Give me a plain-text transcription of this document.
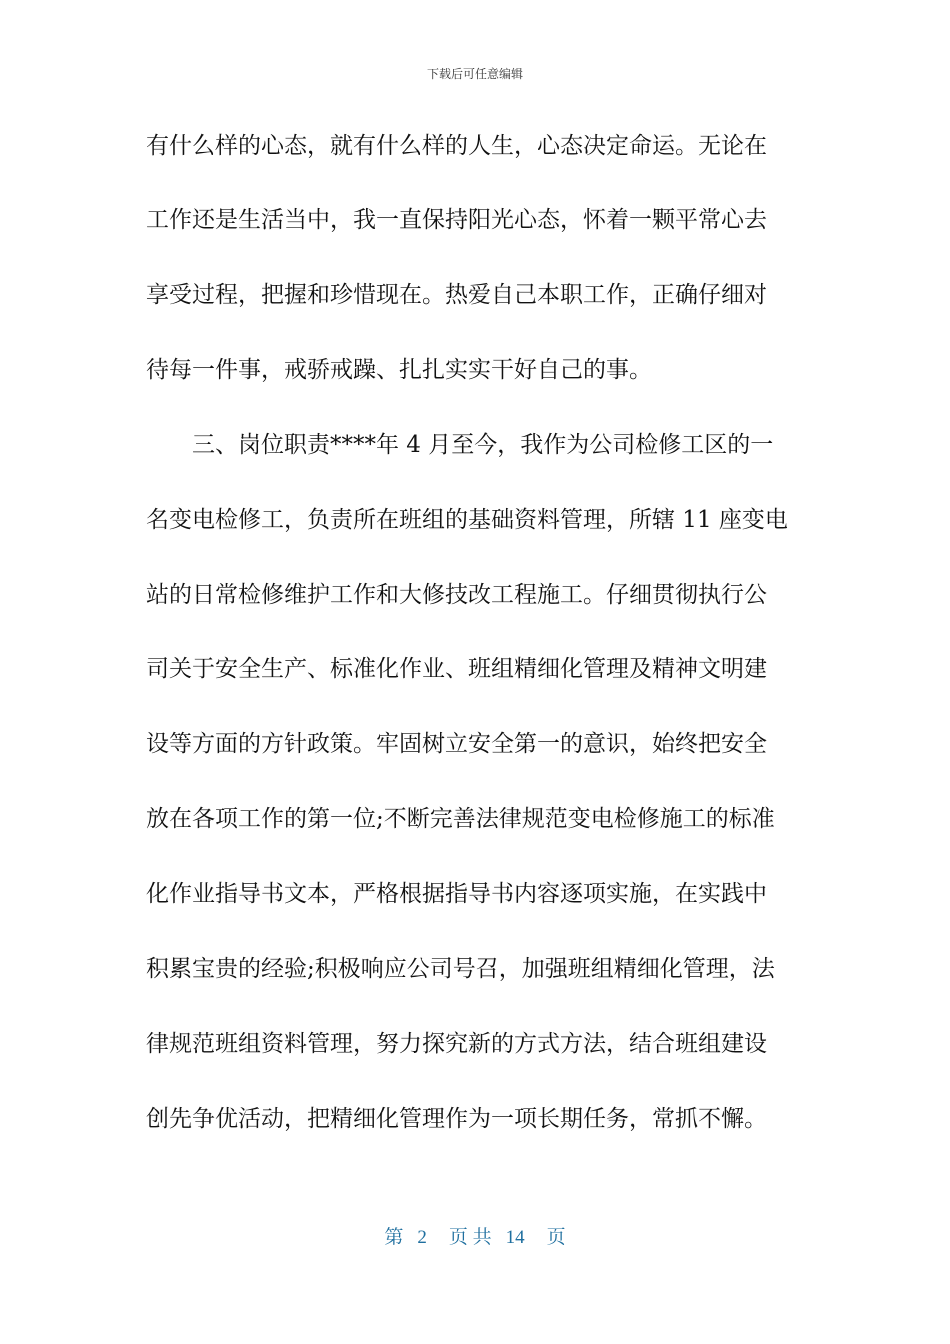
下载后可任意编辑
有什么样的心态，就有什么样的人生，心态决定命运。无论在
工作还是生活当中，我一直保持阳光心态，怀着一颗平常心去
享受过程，把握和珍惜现在。热爱自己本职工作，正确仔细对
待每一件事，戒骄戒躁、扎扎实实干好自己的事。
三、岗位职责****年 4 月至今，我作为公司检修工区的一
名变电检修工，负责所在班组的基础资料管理，所辖 11 座变电
站的日常检修维护工作和大修技改工程施工。仔细贯彻执行公
司关于安全生产、标准化作业、班组精细化管理及精神文明建
设等方面的方针政策。牢固树立安全第一的意识，始终把安全
放在各项工作的第一位;不断完善法律规范变电检修施工的标准
化作业指导书文本，严格根据指导书内容逐项实施，在实践中
积累宝贵的经验;积极响应公司号召，加强班组精细化管理，法
律规范班组资料管理，努力探究新的方式方法，结合班组建设
创先争优活动，把精细化管理作为一项长期任务，常抓不懈。
第 2 页 共 14 页
